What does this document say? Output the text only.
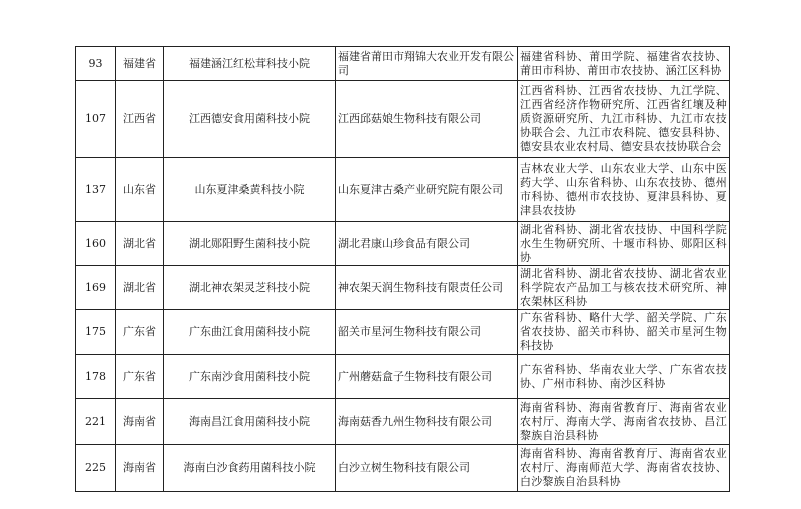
93	福建省	福建涵江红松茸科技小院	福建省莆田市翔锦大农业开发有限公司	福建省科协、莆田学院、福建省农技协、莆田市科协、莆田市农技协、涵江区科协
107	江西省	江西德安食用菌科技小院	江西邱菇娘生物科技有限公司	江西省科协、江西省农技协、九江学院、江西省经济作物研究所、江西省红壤及种质资源研究所、九江市科协、九江市农技协联合会、九江市农科院、德安县科协、德安县农业农村局、德安县农技协联合会
137	山东省	山东夏津桑黄科技小院	山东夏津古桑产业研究院有限公司	吉林农业大学、山东农业大学、山东中医药大学、山东省科协、山东农技协、德州市科协、德州市农技协、夏津县科协、夏津县农技协
160	湖北省	湖北郧阳野生菌科技小院	湖北君康山珍食品有限公司	湖北省科协、湖北省农技协、中国科学院水生生物研究所、十堰市科协、郧阳区科协
169	湖北省	湖北神农架灵芝科技小院	神农架天润生物科技有限责任公司	湖北省科协、湖北省农技协、湖北省农业科学院农产品加工与核农技术研究所、神农架林区科协
175	广东省	广东曲江食用菌科技小院	韶关市星河生物科技有限公司	广东省科协、略什大学、韶关学院、广东省农技协、韶关市科协、韶关市星河生物科技协
178	广东省	广东南沙食用菌科技小院	广州蘑菇盒子生物科技有限公司	广东省科协、华南农业大学、广东省农技协、广州市科协、南沙区科协
221	海南省	海南昌江食用菌科技小院	海南菇香九州生物科技有限公司	海南省科协、海南省教育厅、海南省农业农村厅、海南大学、海南省农技协、昌江黎族自治县科协
225	海南省	海南白沙食药用菌科技小院	白沙立树生物科技有限公司	海南省科协、海南省教育厅、海南省农业农村厅、海南师范大学、海南省农技协、白沙黎族自治县科协
